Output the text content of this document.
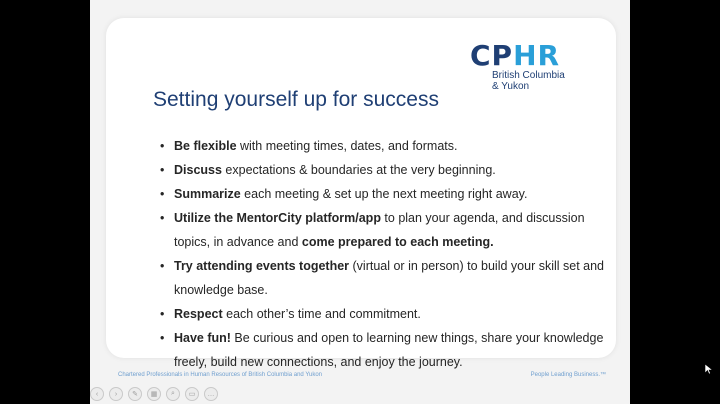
CPHR
British Columbia
& Yukon
Setting yourself up for success
• Be flexible with meeting times, dates, and formats.
• Discuss expectations & boundaries at the very beginning.
• Summarize each meeting & set up the next meeting right away.
• Utilize the MentorCity platform/app to plan your agenda, and discussion topics, in advance and come prepared to each meeting.
• Try attending events together (virtual or in person) to build your skill set and knowledge base.
• Respect each other’s time and commitment.
• Have fun! Be curious and open to learning new things, share your knowledge freely, build new connections, and enjoy the journey.
Chartered Professionals in Human Resources of British Columbia and Yukon	People Leading Business.™
‹	›	✎	▦	⌕	▭	…
